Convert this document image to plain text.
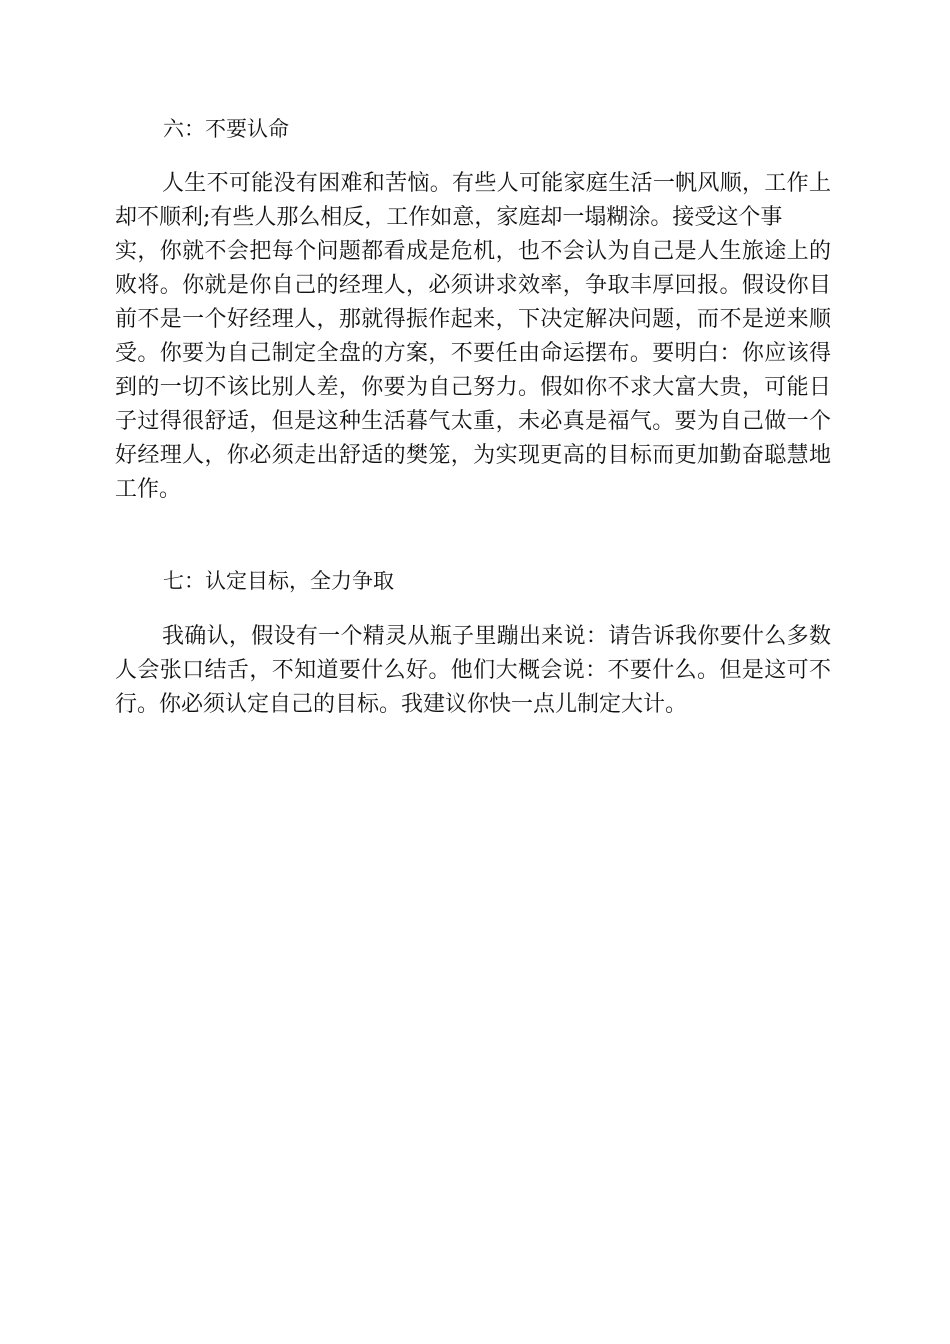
六：不要认命
人生不可能没有困难和苦恼。有些人可能家庭生活一帆风顺，工作上
却不顺利;有些人那么相反，工作如意，家庭却一塌糊涂。接受这个事
实，你就不会把每个问题都看成是危机，也不会认为自己是人生旅途上的
败将。你就是你自己的经理人，必须讲求效率，争取丰厚回报。假设你目
前不是一个好经理人，那就得振作起来，下决定解决问题，而不是逆来顺
受。你要为自己制定全盘的方案，不要任由命运摆布。要明白：你应该得
到的一切不该比别人差，你要为自己努力。假如你不求大富大贵，可能日
子过得很舒适，但是这种生活暮气太重，未必真是福气。要为自己做一个
好经理人，你必须走出舒适的樊笼，为实现更高的目标而更加勤奋聪慧地
工作。
七：认定目标，全力争取
我确认，假设有一个精灵从瓶子里蹦出来说：请告诉我你要什么多数
人会张口结舌，不知道要什么好。他们大概会说：不要什么。但是这可不
行。你必须认定自己的目标。我建议你快一点儿制定大计。
